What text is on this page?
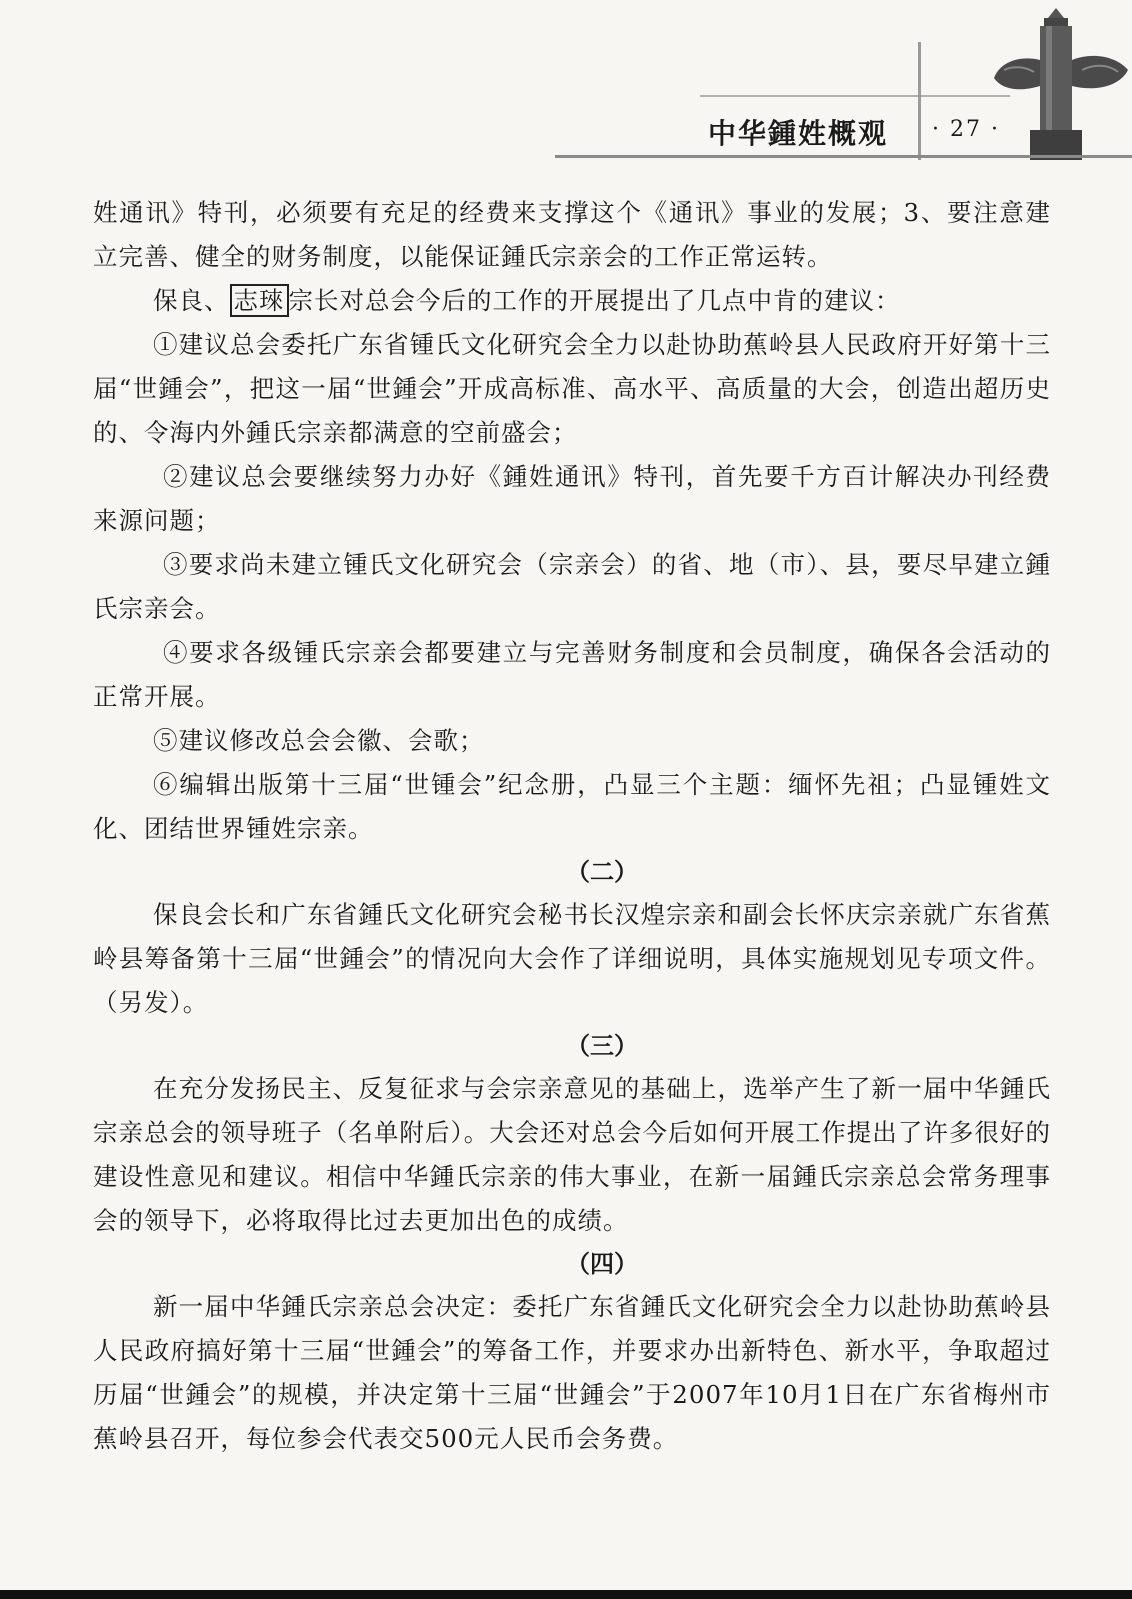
中华鍾姓概观 · 27 ·

姓通讯》特刊，必须要有充足的经费来支撑这个《通讯》事业的发展；3、要注意建立完善、健全的财务制度，以能保证鍾氏宗亲会的工作正常运转。

保良、 志琜 宗长对总会今后的工作的开展提出了几点中肯的建议：

①建议总会委托广东省锺氏文化研究会全力以赴协助蕉岭县人民政府开好第十三届“世鍾会”，把这一届“世鍾会”开成高标准、高水平、高质量的大会，创造出超历史的、令海内外鍾氏宗亲都满意的空前盛会；

②建议总会要继续努力办好《鍾姓通讯》特刊，首先要千方百计解决办刊经费来源问题；

③要求尚未建立锺氏文化研究会（宗亲会）的省、地（市）、县，要尽早建立鍾氏宗亲会。

④要求各级锺氏宗亲会都要建立与完善财务制度和会员制度，确保各会活动的正常开展。

⑤建议修改总会会徽、会歌；

⑥编辑出版第十三届“世锺会”纪念册，凸显三个主题：缅怀先祖；凸显锺姓文化、团结世界锺姓宗亲。

（二）

保良会长和广东省鍾氏文化研究会秘书长汉煌宗亲和副会长怀庆宗亲就广东省蕉岭县筹备第十三届“世鍾会”的情况向大会作了详细说明，具体实施规划见专项文件。（另发）。

（三）

在充分发扬民主、反复征求与会宗亲意见的基础上，选举产生了新一届中华鍾氏宗亲总会的领导班子（名单附后）。大会还对总会今后如何开展工作提出了许多很好的建设性意见和建议。相信中华鍾氏宗亲的伟大事业，在新一届鍾氏宗亲总会常务理事会的领导下，必将取得比过去更加出色的成绩。

（四）

新一届中华鍾氏宗亲总会决定：委托广东省鍾氏文化研究会全力以赴协助蕉岭县人民政府搞好第十三届“世鍾会”的筹备工作，并要求办出新特色、新水平，争取超过历届“世鍾会”的规模，并决定第十三届“世鍾会”于2007年10月1日在广东省梅州市蕉岭县召开，每位参会代表交500元人民币会务费。
